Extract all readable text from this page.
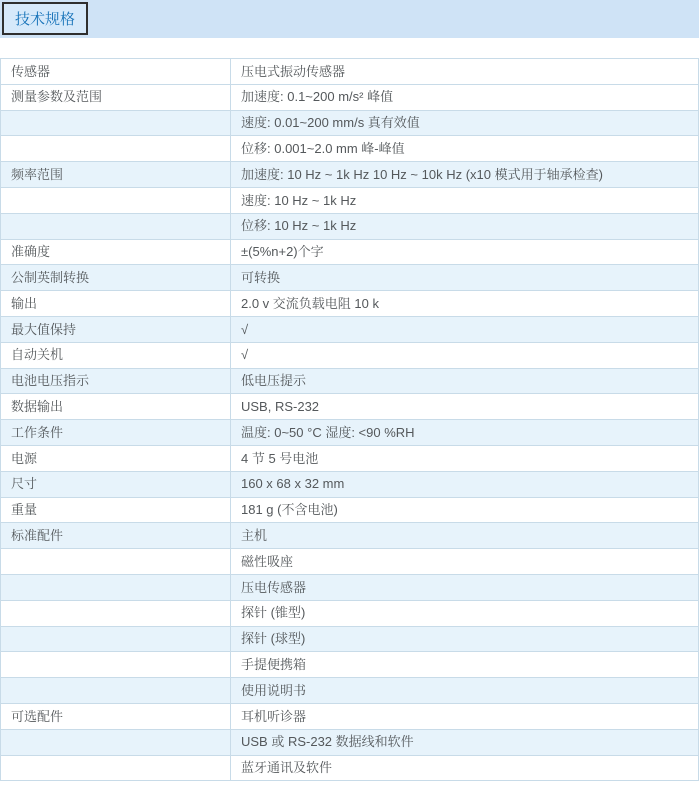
技术规格
传感器	压电式振动传感器
测量参数及范围	加速度: 0.1~200 m/s² 峰值
	速度: 0.01~200 mm/s 真有效值
	位移: 0.001~2.0 mm 峰-峰值
频率范围	加速度: 10 Hz ~ 1k Hz 10 Hz ~ 10k Hz (x10 模式用于轴承检查)
	速度: 10 Hz ~ 1k Hz
	位移: 10 Hz ~ 1k Hz
准确度	±(5%n+2)个字
公制英制转换	可转换
输出	2.0 v 交流负载电阻 10 k
最大值保持	√
自动关机	√
电池电压指示	低电压提示
数据输出	USB, RS-232
工作条件	温度: 0~50 °C 湿度: <90 %RH
电源	4 节 5 号电池
尺寸	160 x 68 x 32 mm
重量	181 g (不含电池)
标准配件	主机
	磁性吸座
	压电传感器
	探针 (锥型)
	探针 (球型)
	手提便携箱
	使用说明书
可选配件	耳机听诊器
	USB 或 RS-232 数据线和软件
	蓝牙通讯及软件
